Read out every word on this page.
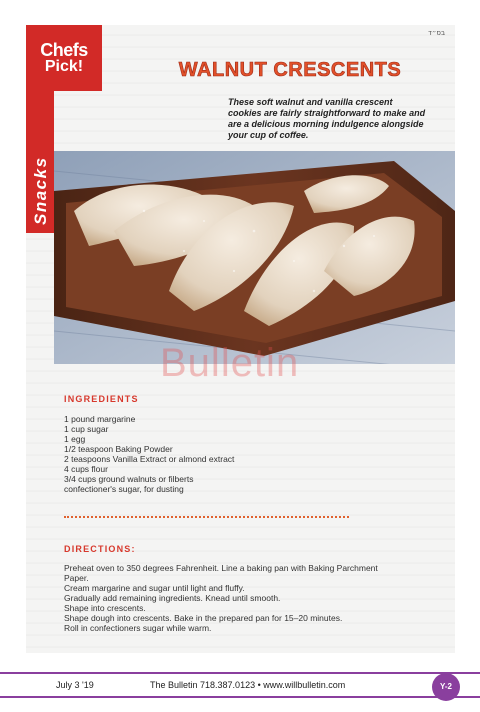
בס״ד
Snacks
Chefs
Pick!	WALNUT CRESCENTS
These soft walnut and vanilla crescent cookies are fairly straightforward to make and are a delicious morning indulgence alongside your cup of coffee.
Bulletin
INGREDIENTS
1 pound margarine
1 cup sugar
1 egg
1/2 teaspoon Baking Powder
2 teaspoons Vanilla Extract or almond extract
4 cups flour
3/4 cups ground walnuts or filberts
confectioner's sugar, for dusting
DIRECTIONS:
Preheat oven to 350 degrees Fahrenheit. Line a baking pan with Baking Parchment Paper.
Cream margarine and sugar until light and fluffy.
Gradually add remaining ingredients. Knead until smooth.
Shape into crescents.
Shape dough into crescents. Bake in the prepared pan for 15–20 minutes.
Roll in confectioners sugar while warm.
July 3 '19	The Bulletin 718.387.0123 • www.willbulletin.com	Y-2
